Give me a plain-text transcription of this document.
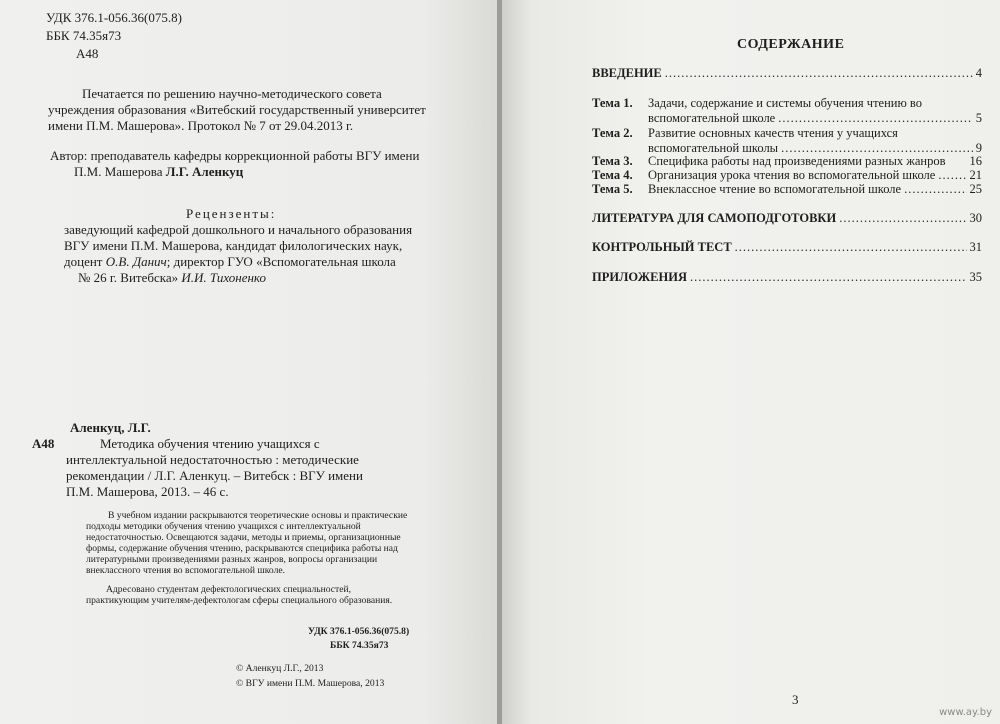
УДК 376.1-056.36(075.8)
ББК 74.35я73
А48
Печатается по решению научно-методического совета
учреждения образования «Витебский государственный университет
имени П.М. Машерова». Протокол № 7 от 29.04.2013 г.
Автор: преподаватель кафедры коррекционной работы ВГУ имени
П.М. Машерова Л.Г. Аленкуц
Рецензенты:
заведующий кафедрой дошкольного и начального образования
ВГУ имени П.М. Машерова, кандидат филологических наук,
доцент О.В. Данич; директор ГУО «Вспомогательная школа
№ 26 г. Витебска» И.И. Тихоненко
А48
Аленкуц, Л.Г.
Методика обучения чтению учащихся с
интеллектуальной недостаточностью : методические
рекомендации / Л.Г. Аленкуц. – Витебск : ВГУ имени
П.М. Машерова, 2013. – 46 с.
В учебном издании раскрываются теоретические основы и практические
подходы методики обучения чтению учащихся с интеллектуальной
недостаточностью. Освещаются задачи, методы и приемы, организационные
формы, содержание обучения чтению, раскрываются специфика работы над
литературными произведениями разных жанров, вопросы организации
внеклассного чтения во вспомогательной школе.
Адресовано студентам дефектологических специальностей,
практикующим учителям-дефектологам сферы специального образования.
УДК 376.1-056.36(075.8)
ББК 74.35я73
© Аленкуц Л.Г., 2013
© ВГУ имени П.М. Машерова, 2013
СОДЕРЖАНИЕ
ВВЕДЕНИЕ .....	4
Тема 1. Задачи, содержание и системы обучения чтению во
вспомогательной школе .....	5
Тема 2. Развитие основных качеств чтения у учащихся
вспомогательной школы .....	9
Тема 3. Специфика работы над произведениями разных жанров	16
Тема 4. Организация урока чтения во вспомогательной школе .....	21
Тема 5. Внеклассное чтение во вспомогательной школе .....	25
ЛИТЕРАТУРА ДЛЯ САМОПОДГОТОВКИ .....	30
КОНТРОЛЬНЫЙ ТЕСТ .....	31
ПРИЛОЖЕНИЯ .....	35
3
www.ay.by
